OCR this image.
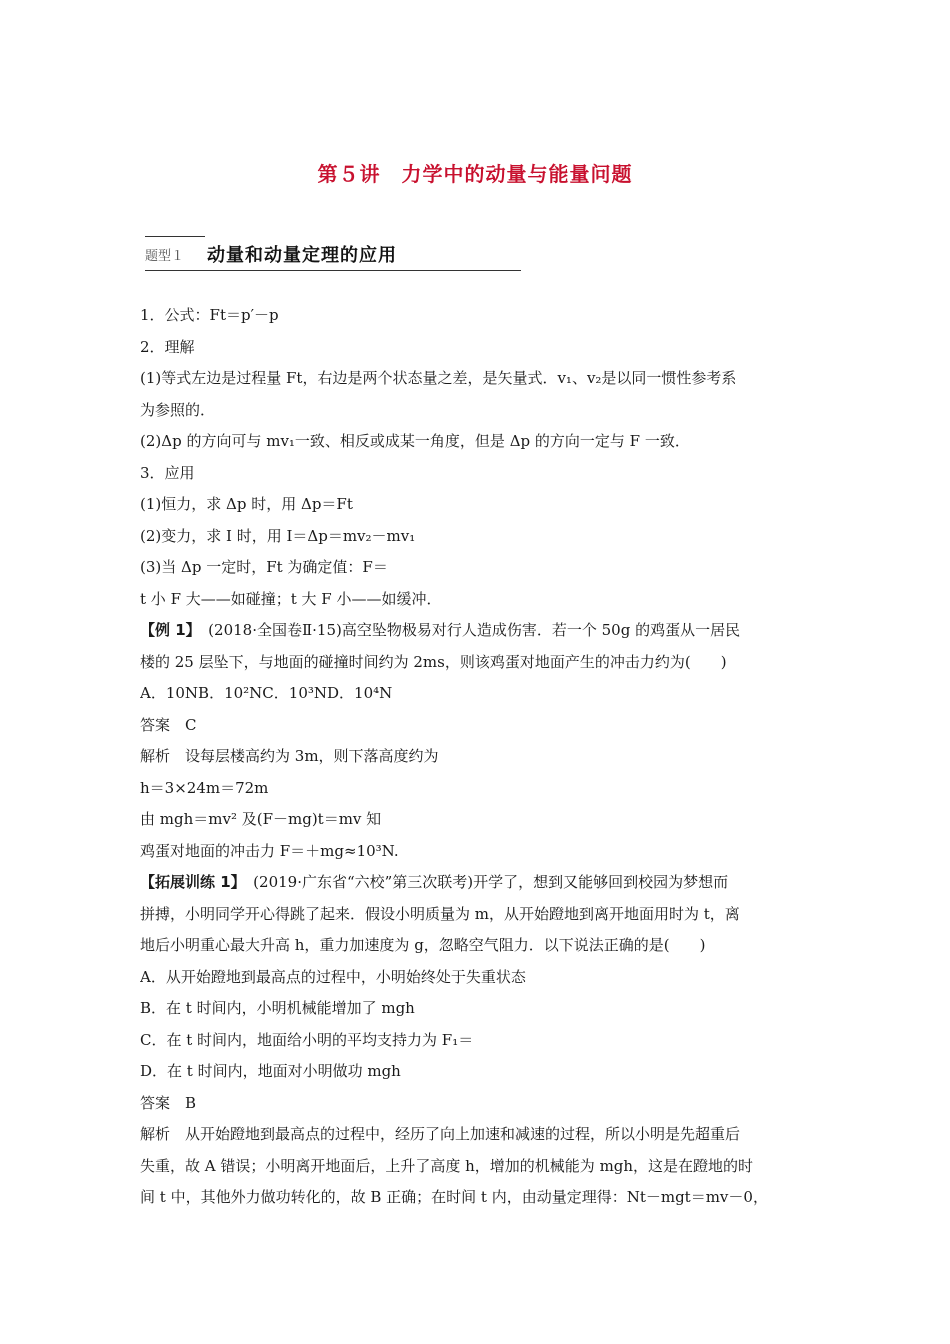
第５讲　力学中的动量与能量问题
题型１ 动量和动量定理的应用
1．公式：Ft＝p′－p
2．理解
(1)等式左边是过程量 Ft，右边是两个状态量之差，是矢量式．v₁、v₂是以同一惯性参考系
为参照的．
(2)Δp 的方向可与 mv₁一致、相反或成某一角度，但是 Δp 的方向一定与 F 一致．
3．应用
(1)恒力，求 Δp 时，用 Δp＝Ft
(2)变力，求 I 时，用 I＝Δp＝mv₂－mv₁
(3)当 Δp 一定时，Ft 为确定值：F＝
t 小 F 大——如碰撞；t 大 F 小——如缓冲．
【例 1】　(2018·全国卷Ⅱ·15)高空坠物极易对行人造成伤害．若一个 50g 的鸡蛋从一居民
楼的 25 层坠下，与地面的碰撞时间约为 2ms，则该鸡蛋对地面产生的冲击力约为(　　)
A．10NB．10²NC．10³ND．10⁴N
答案　C
解析　设每层楼高约为 3m，则下落高度约为
h＝3×24m＝72m
由 mgh＝mv² 及(F－mg)t＝mv 知
鸡蛋对地面的冲击力 F＝＋mg≈10³N.
【拓展训练 1】　(2019·广东省“六校”第三次联考)开学了，想到又能够回到校园为梦想而
拼搏，小明同学开心得跳了起来．假设小明质量为 m，从开始蹬地到离开地面用时为 t，离
地后小明重心最大升高 h，重力加速度为 g，忽略空气阻力．以下说法正确的是(　　)
A．从开始蹬地到最高点的过程中，小明始终处于失重状态
B．在 t 时间内，小明机械能增加了 mgh
C．在 t 时间内，地面给小明的平均支持力为 F₁＝
D．在 t 时间内，地面对小明做功 mgh
答案　B
解析　从开始蹬地到最高点的过程中，经历了向上加速和减速的过程，所以小明是先超重后
失重，故 A 错误；小明离开地面后，上升了高度 h，增加的机械能为 mgh，这是在蹬地的时
间 t 中，其他外力做功转化的，故 B 正确；在时间 t 内，由动量定理得：Nt－mgt＝mv－0，
